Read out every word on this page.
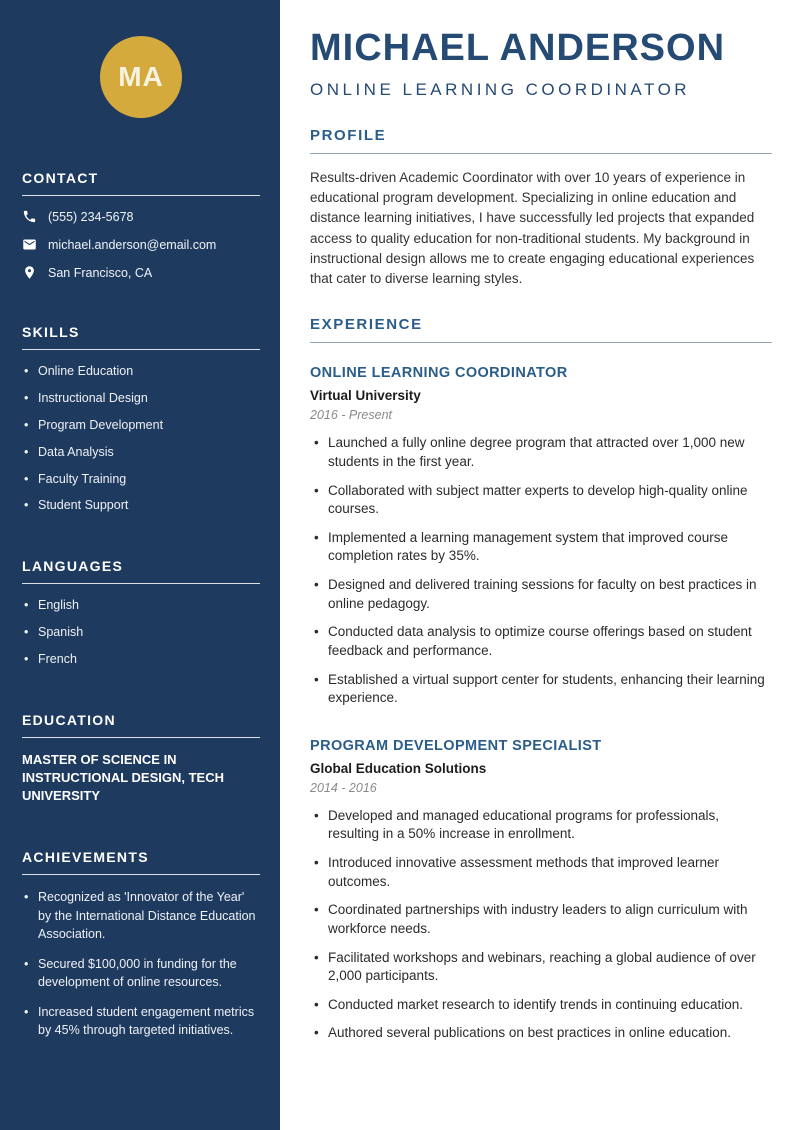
MA
CONTACT
(555) 234-5678
michael.anderson@email.com
San Francisco, CA
SKILLS
• Online Education
• Instructional Design
• Program Development
• Data Analysis
• Faculty Training
• Student Support
LANGUAGES
• English
• Spanish
• French
EDUCATION
MASTER OF SCIENCE IN INSTRUCTIONAL DESIGN, TECH UNIVERSITY
ACHIEVEMENTS
• Recognized as 'Innovator of the Year' by the International Distance Education Association.
• Secured $100,000 in funding for the development of online resources.
• Increased student engagement metrics by 45% through targeted initiatives.
MICHAEL ANDERSON
ONLINE LEARNING COORDINATOR
PROFILE

Results-driven Academic Coordinator with over 10 years of experience in educational program development. Specializing in online education and distance learning initiatives, I have successfully led projects that expanded access to quality education for non-traditional students. My background in instructional design allows me to create engaging educational experiences that cater to diverse learning styles.

EXPERIENCE
ONLINE LEARNING COORDINATOR
Virtual University
2016 - Present
• Launched a fully online degree program that attracted over 1,000 new students in the first year.
• Collaborated with subject matter experts to develop high-quality online courses.
• Implemented a learning management system that improved course completion rates by 35%.
• Designed and delivered training sessions for faculty on best practices in online pedagogy.
• Conducted data analysis to optimize course offerings based on student feedback and performance.
• Established a virtual support center for students, enhancing their learning experience.
PROGRAM DEVELOPMENT SPECIALIST
Global Education Solutions
2014 - 2016
• Developed and managed educational programs for professionals, resulting in a 50% increase in enrollment.
• Introduced innovative assessment methods that improved learner outcomes.
• Coordinated partnerships with industry leaders to align curriculum with workforce needs.
• Facilitated workshops and webinars, reaching a global audience of over 2,000 participants.
• Conducted market research to identify trends in continuing education.
• Authored several publications on best practices in online education.
